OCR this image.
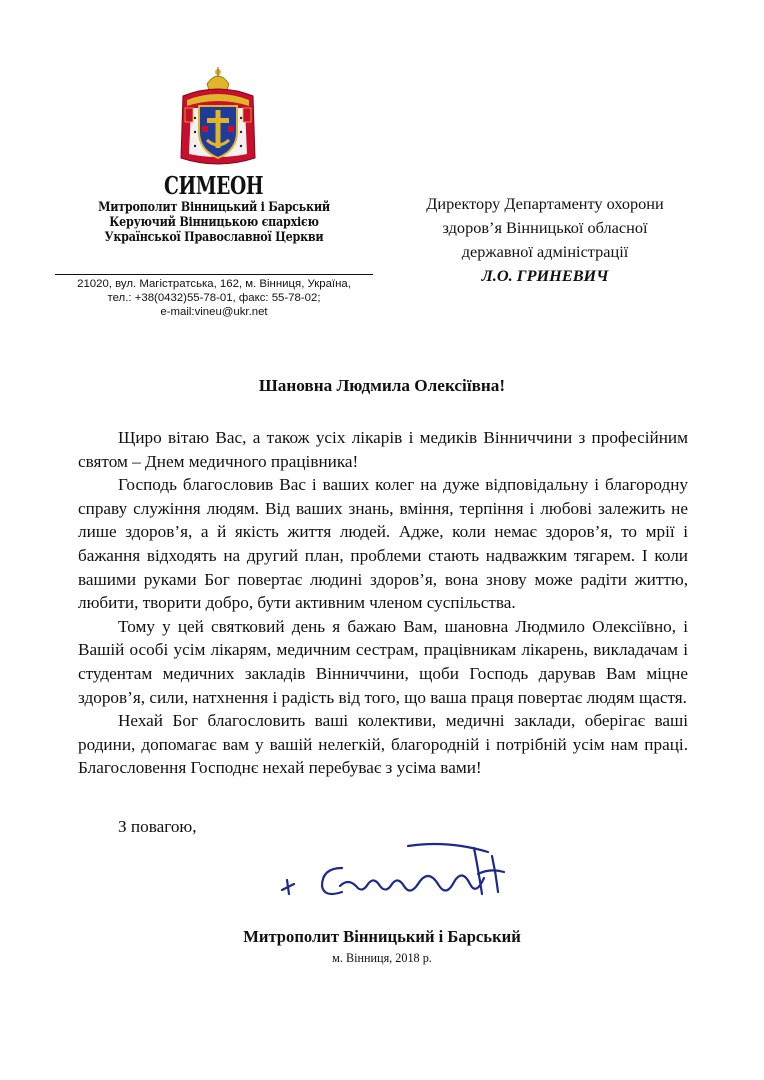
СИМЕОН
Митрополит Вінницький і Барський
Керуючий Вінницькою єпархією
Української Православної Церкви
21020, вул. Магістратська, 162, м. Вінниця, Україна,
тел.: +38(0432)55-78-01, факс: 55-78-02;
e-mail:vineu@ukr.net
Директору Департаменту охорони
здоров’я Вінницької обласної
державної адміністрації
Л.О. ГРИНЕВИЧ
Шановна Людмила Олексіївна!

Щиро вітаю Вас, а також усіх лікарів і медиків Вінниччини з професійним святом – Днем медичного працівника!

Господь благословив Вас і ваших колег на дуже відповідальну і благородну справу служіння людям. Від ваших знань, вміння, терпіння і любові залежить не лише здоров’я, а й якість життя людей. Адже, коли немає здоров’я, то мрії і бажання відходять на другий план, проблеми стають надважким тягарем. І коли вашими руками Бог повертає людині здоров’я, вона знову може радіти життю, любити, творити добро, бути активним членом суспільства.

Тому у цей святковий день я бажаю Вам, шановна Людмило Олексіївно, і Вашій особі усім лікарям, медичним сестрам, працівникам лікарень, викладачам і студентам медичних закладів Вінниччини, щоби Господь дарував Вам міцне здоров’я, сили, натхнення і радість від того, що ваша праця повертає людям щастя.

Нехай Бог благословить ваші колективи, медичні заклади, оберігає ваші родини, допомагає вам у вашій нелегкій, благородній і потрібній усім нам праці. Благословення Господнє нехай перебуває з усіма вами!

З повагою,
Митрополит Вінницький і Барський
м. Вінниця, 2018 р.
